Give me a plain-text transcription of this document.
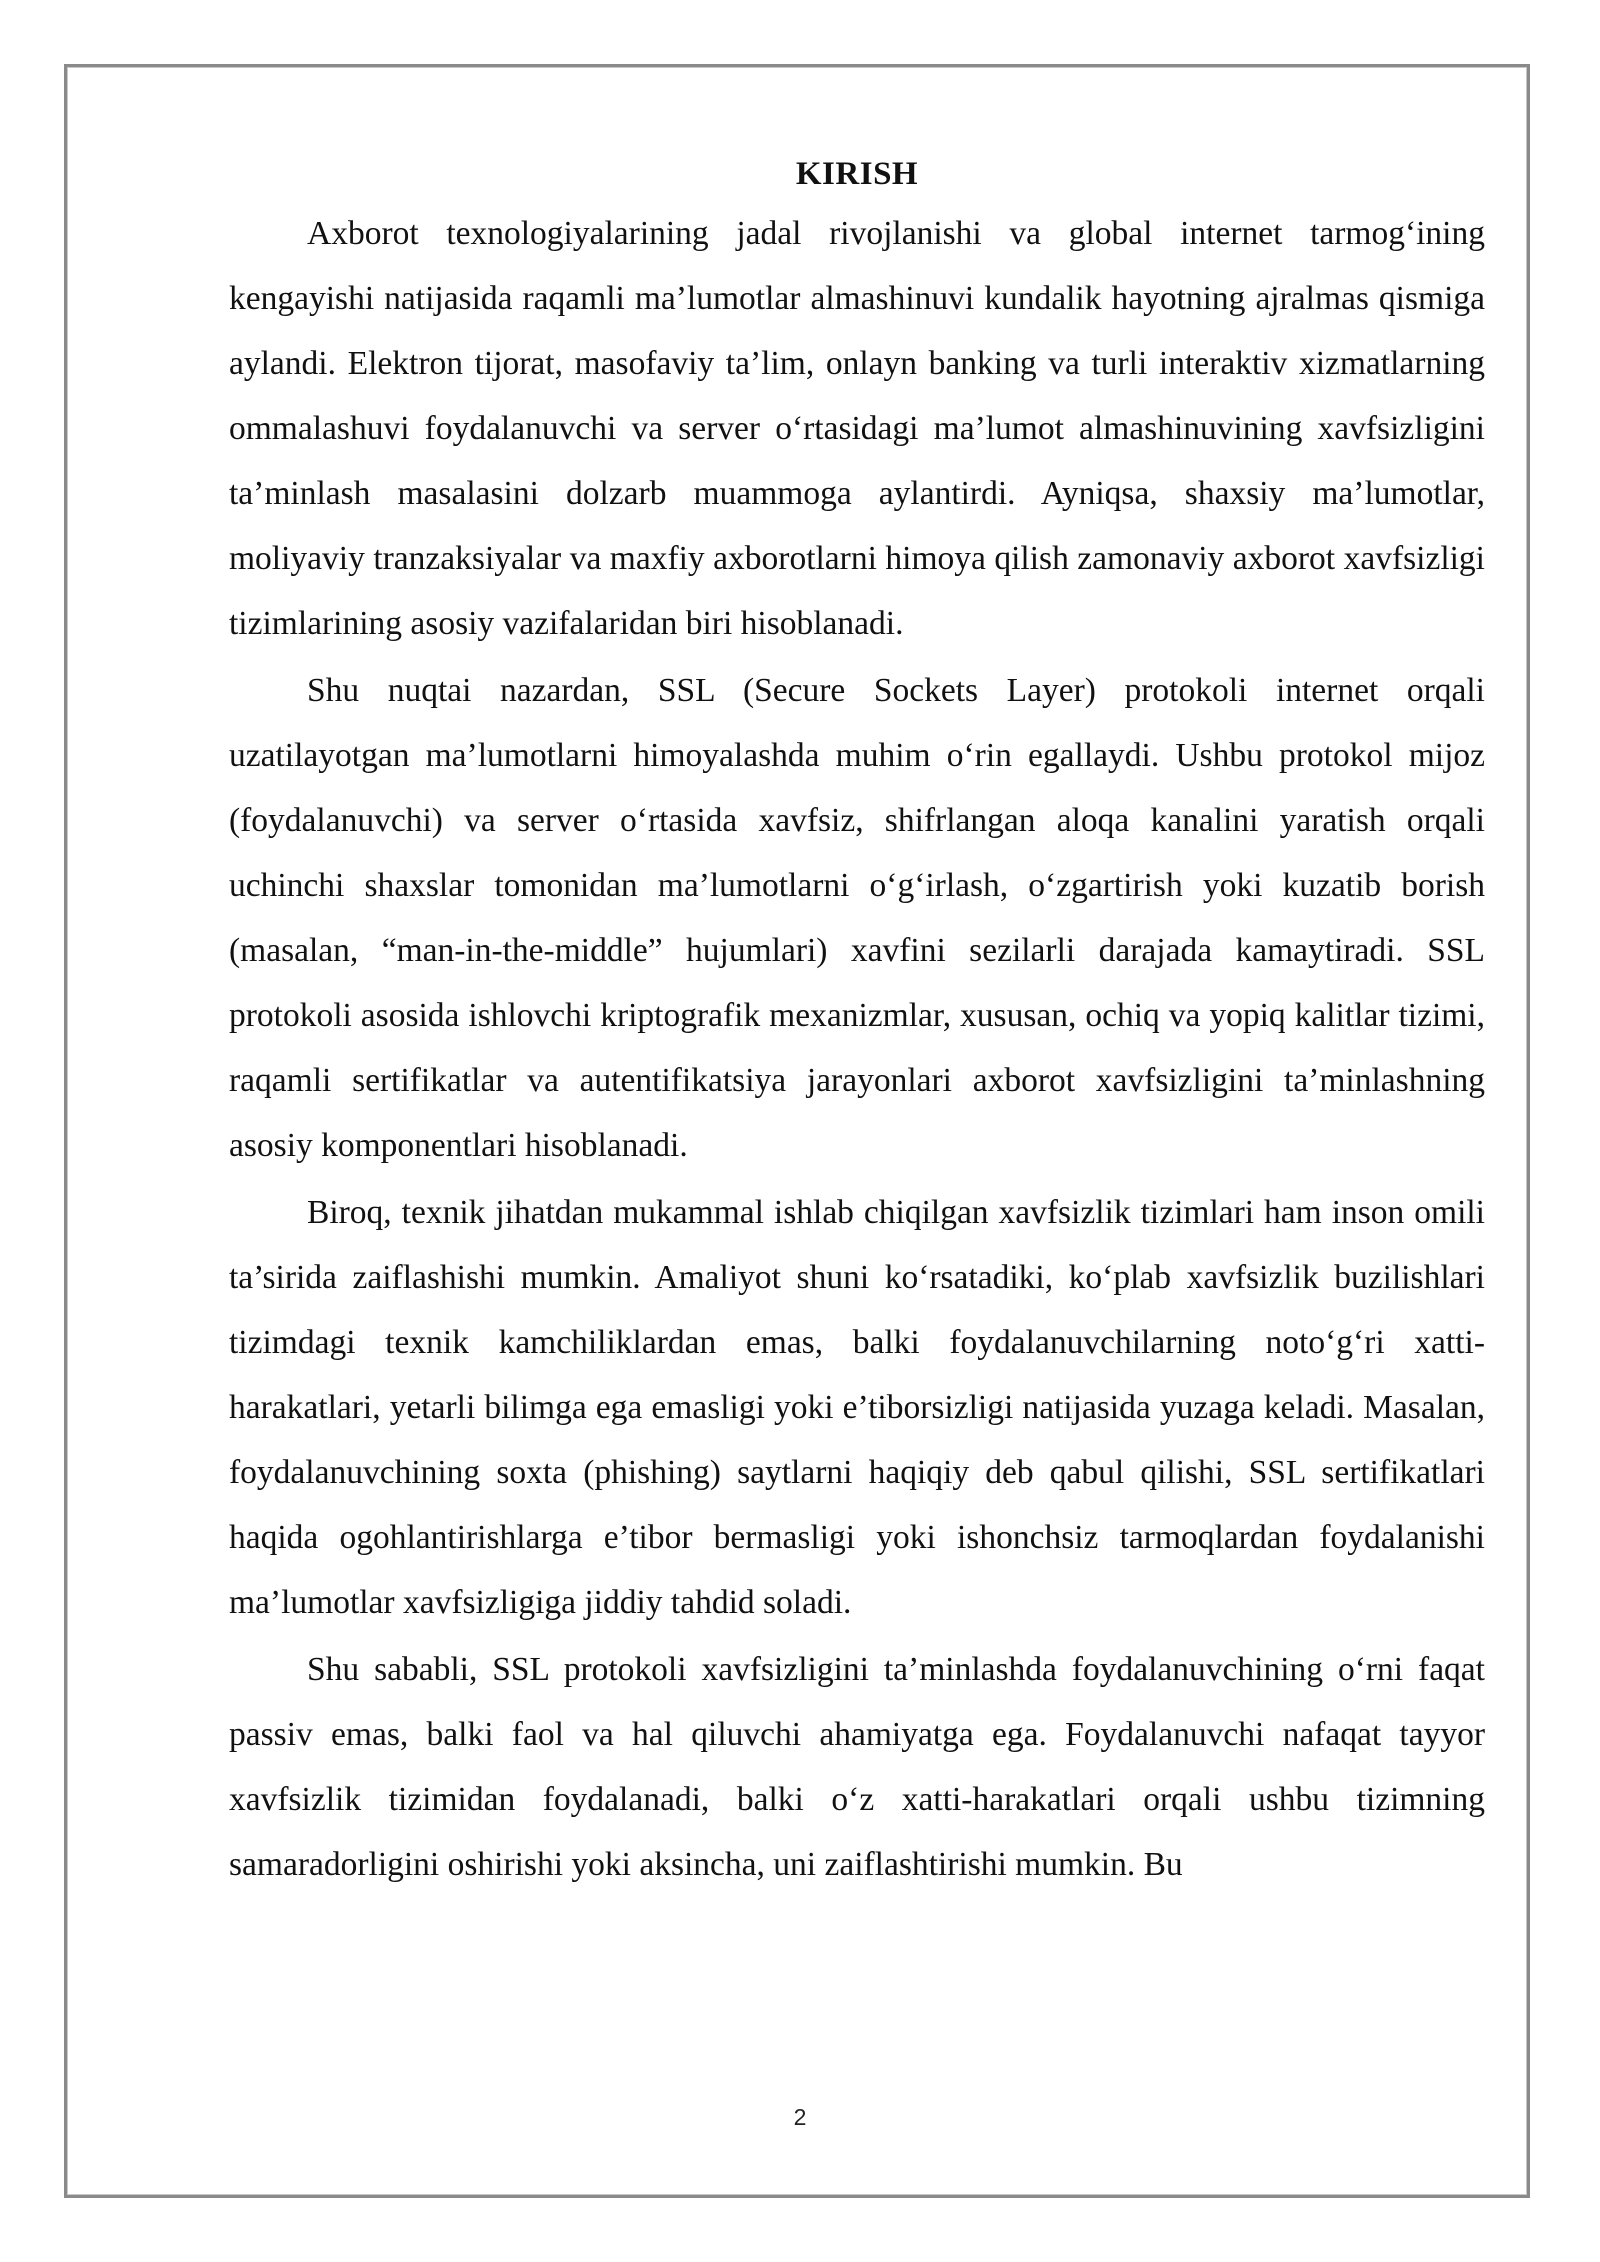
KIRISH

Axborot texnologiyalarining jadal rivojlanishi va global internet tarmog‘ining kengayishi natijasida raqamli ma’lumotlar almashinuvi kundalik hayotning ajralmas qismiga aylandi. Elektron tijorat, masofaviy ta’lim, onlayn banking va turli interaktiv xizmatlarning ommalashuvi foydalanuvchi va server o‘rtasidagi ma’lumot almashinuvining xavfsizligini ta’minlash masalasini dolzarb muammoga aylantirdi. Ayniqsa, shaxsiy ma’lumotlar, moliyaviy tranzaksiyalar va maxfiy axborotlarni himoya qilish zamonaviy axborot xavfsizligi tizimlarining asosiy vazifalaridan biri hisoblanadi.

Shu nuqtai nazardan, SSL (Secure Sockets Layer) protokoli internet orqali uzatilayotgan ma’lumotlarni himoyalashda muhim o‘rin egallaydi. Ushbu protokol mijoz (foydalanuvchi) va server o‘rtasida xavfsiz, shifrlangan aloqa kanalini yaratish orqali uchinchi shaxslar tomonidan ma’lumotlarni o‘g‘irlash, o‘zgartirish yoki kuzatib borish (masalan, “man-in-the-middle” hujumlari) xavfini sezilarli darajada kamaytiradi. SSL protokoli asosida ishlovchi kriptografik mexanizmlar, xususan, ochiq va yopiq kalitlar tizimi, raqamli sertifikatlar va autentifikatsiya jarayonlari axborot xavfsizligini ta’minlashning asosiy komponentlari hisoblanadi.

Biroq, texnik jihatdan mukammal ishlab chiqilgan xavfsizlik tizimlari ham inson omili ta’sirida zaiflashishi mumkin. Amaliyot shuni ko‘rsatadiki, ko‘plab xavfsizlik buzilishlari tizimdagi texnik kamchiliklardan emas, balki foydalanuvchilarning noto‘g‘ri xatti-harakatlari, yetarli bilimga ega emasligi yoki e’tiborsizligi natijasida yuzaga keladi. Masalan, foydalanuvchining soxta (phishing) saytlarni haqiqiy deb qabul qilishi, SSL sertifikatlari haqida ogohlantirishlarga e’tibor bermasligi yoki ishonchsiz tarmoqlardan foydalanishi ma’lumotlar xavfsizligiga jiddiy tahdid soladi.

Shu sababli, SSL protokoli xavfsizligini ta’minlashda foydalanuvchining o‘rni faqat passiv emas, balki faol va hal qiluvchi ahamiyatga ega. Foydalanuvchi nafaqat tayyor xavfsizlik tizimidan foydalanadi, balki o‘z xatti-harakatlari orqali ushbu tizimning samaradorligini oshirishi yoki aksincha, uni zaiflashtirishi mumkin. Bu

2
